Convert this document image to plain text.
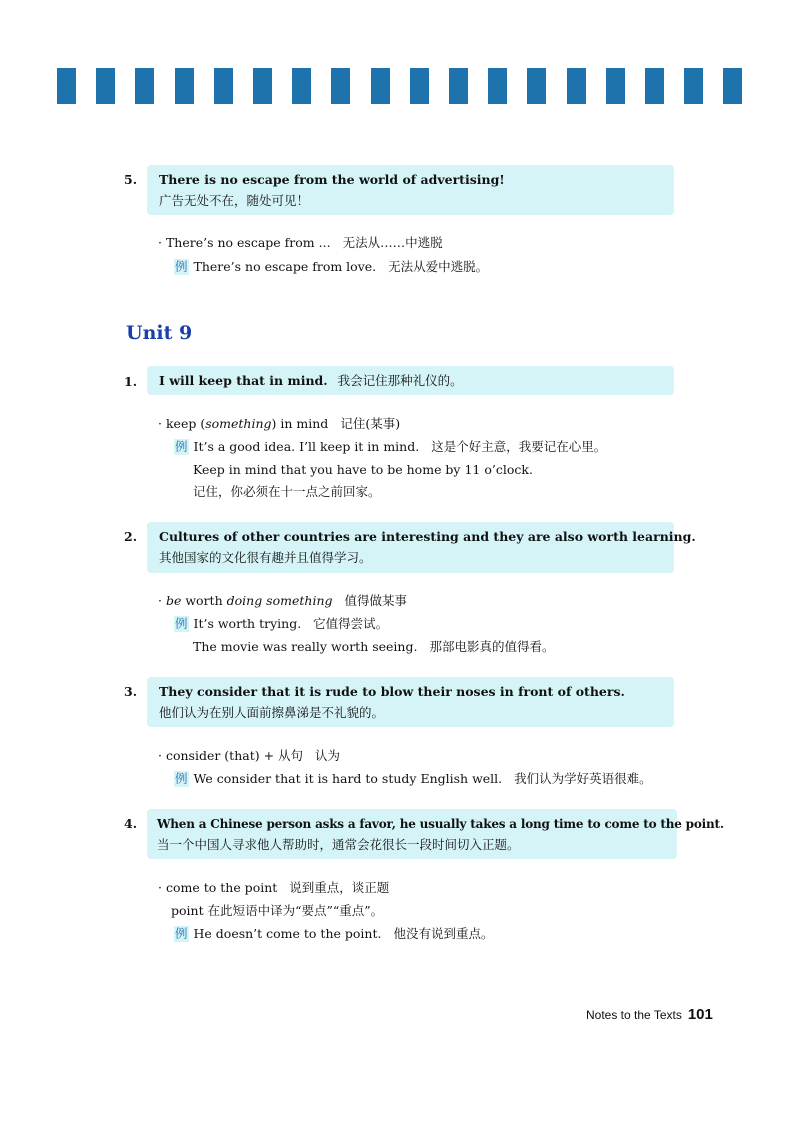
5. There is no escape from the world of advertising!
广告无处不在，随处可见！
· There’s no escape from ... 无法从……中逃脱
例 There’s no escape from love. 无法从爱中逃脱。
Unit 9
1. I will keep that in mind. 我会记住那种礼仪的。
· keep (something) in mind 记住(某事)
例 It’s a good idea. I’ll keep it in mind. 这是个好主意，我要记在心里。
Keep in mind that you have to be home by 11 o’clock.
记住，你必须在十一点之前回家。
2. Cultures of other countries are interesting and they are also worth learning.
其他国家的文化很有趣并且值得学习。
· be worth doing something 值得做某事
例 It’s worth trying. 它值得尝试。
The movie was really worth seeing. 那部电影真的值得看。
3. They consider that it is rude to blow their noses in front of others.
他们认为在别人面前擦鼻涕是不礼貌的。
· consider (that) + 从句 认为
例 We consider that it is hard to study English well. 我们认为学好英语很难。
4. When a Chinese person asks a favor, he usually takes a long time to come to the point.
当一个中国人寻求他人帮助时，通常会花很长一段时间切入正题。
· come to the point 说到重点，谈正题
point 在此短语中译为“要点”“重点”。
例 He doesn’t come to the point. 他没有说到重点。
Notes to the Texts 101
